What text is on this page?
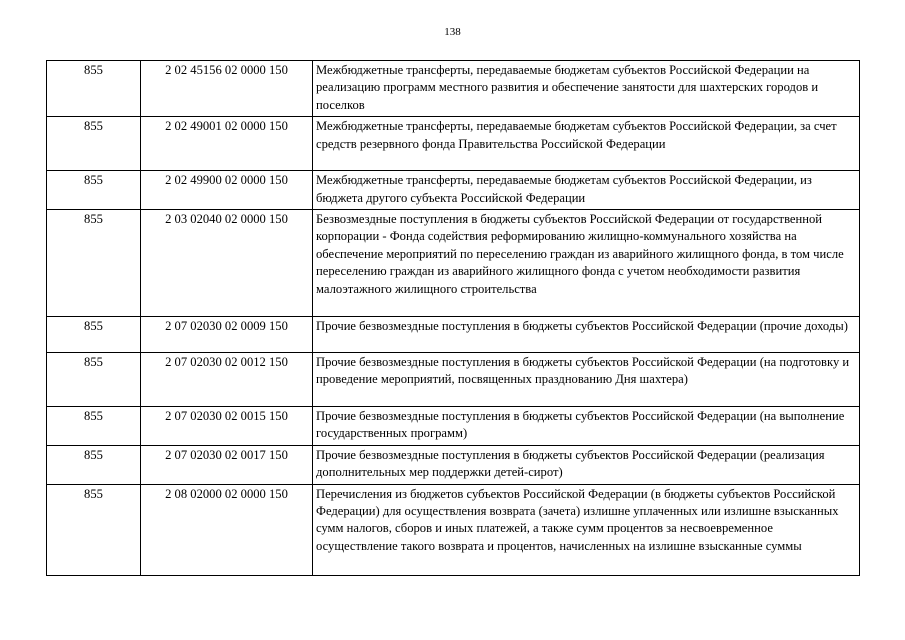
138
855	2 02 45156 02 0000 150	Межбюджетные трансферты, передаваемые бюджетам субъектов Российской Федерации на реализацию программ местного развития и обеспечение занятости для шахтерских городов и поселков
855	2 02 49001 02 0000 150	Межбюджетные трансферты, передаваемые бюджетам субъектов Российской Федерации, за счет средств резервного фонда Правительства Российской Федерации
855	2 02 49900 02 0000 150	Межбюджетные трансферты, передаваемые бюджетам субъектов Российской Федерации, из бюджета другого субъекта Российской Федерации
855	2 03 02040 02 0000 150	Безвозмездные поступления в бюджеты субъектов Российской Федерации от государственной корпорации - Фонда содействия реформированию жилищно-коммунального хозяйства на обеспечение мероприятий по переселению граждан из аварийного жилищного фонда, в том числе переселению граждан из аварийного жилищного фонда с учетом необходимости развития малоэтажного жилищного строительства
855	2 07 02030 02 0009 150	Прочие безвозмездные поступления в бюджеты субъектов Российской Федерации (прочие доходы)
855	2 07 02030 02 0012 150	Прочие безвозмездные поступления в бюджеты субъектов Российской Федерации (на подготовку и проведение мероприятий, посвященных празднованию Дня шахтера)
855	2 07 02030 02 0015 150	Прочие безвозмездные поступления в бюджеты субъектов Российской Федерации (на выполнение государственных программ)
855	2 07 02030 02 0017 150	Прочие безвозмездные поступления в бюджеты субъектов Российской Федерации (реализация дополнительных мер поддержки детей-сирот)
855	2 08 02000 02 0000 150	Перечисления из бюджетов субъектов Российской Федерации (в бюджеты субъектов Российской Федерации) для осуществления возврата (зачета) излишне уплаченных или излишне взысканных сумм налогов, сборов и иных платежей, а также сумм процентов за несвоевременное осуществление такого возврата и процентов, начисленных на излишне взысканные суммы
